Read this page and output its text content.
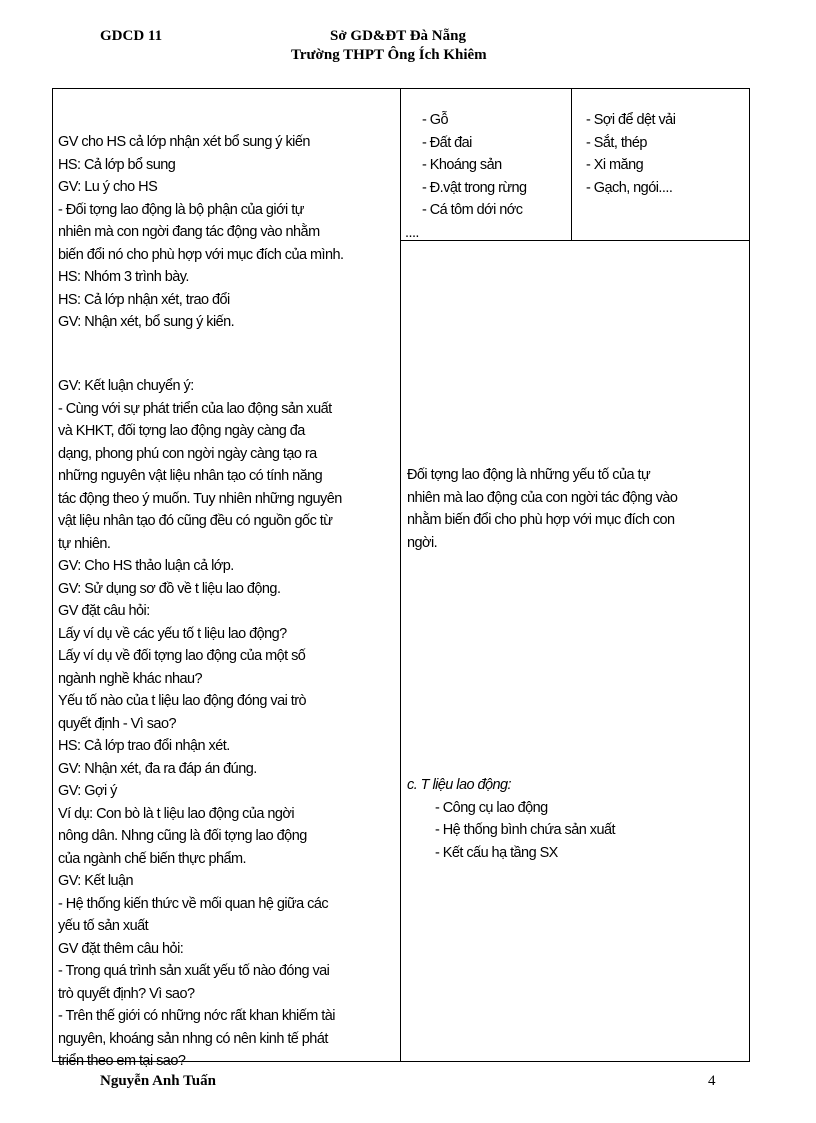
GDCD 11	Sở GD&ĐT Đà Nẵng
Trường THPT Ông Ích Khiêm
GV cho HS cả lớp nhận xét bổ sung ý kiến
HS: Cả lớp bổ sung
GV: Lu ý cho HS
- Đối tợng lao động là bộ phận của giới tự
nhiên mà con ngời đang tác động vào nhằm
biến đổi nó cho phù hợp với mục đích của mình.
HS: Nhóm 3 trình bày.
HS: Cả lớp nhận xét, trao đổi
GV: Nhận xét, bổ sung ý kiến.
GV: Kết luận chuyển ý:
- Cùng với sự phát triển của lao động sản xuất
và KHKT, đối tợng lao động ngày càng đa
dạng, phong phú con ngời ngày càng tạo ra
những nguyên vật liệu nhân tạo có tính năng
tác động theo ý muốn. Tuy nhiên những nguyên
vật liệu nhân tạo đó cũng đều có nguồn gốc từ
tự nhiên.
GV: Cho HS thảo luận cả lớp.
GV: Sử dụng sơ đồ về t liệu lao động.
GV đặt câu hỏi:
Lấy ví dụ về các yếu tố t liệu lao động?
Lấy ví dụ về đối tợng lao động của một số
ngành nghề khác nhau?
Yếu tố nào của t liệu lao động đóng vai trò
quyết định - Vì sao?
HS: Cả lớp trao đổi nhận xét.
GV: Nhận xét, đa ra đáp án đúng.
GV: Gợi ý
Ví dụ: Con bò là t liệu lao động của ngời
nông dân. Nhng cũng là đối tợng lao động
của ngành chế biến thực phẩm.
GV: Kết luận
- Hệ thống kiến thức về mối quan hệ giữa các
yếu tố sản xuất
GV đặt thêm câu hỏi:
- Trong quá trình sản xuất yếu tố nào đóng vai
trò quyết định? Vì sao?
- Trên thế giới có những nớc rất khan khiếm tài
nguyên, khoáng sản nhng có nên kinh tế phát
triển theo em tại sao?
- Gỗ
- Đất đai
- Khoáng sản
- Đ.vật trong rừng
- Cá tôm dới nớc
....
- Sợi để dệt vải
- Sắt, thép
- Xi măng
- Gạch, ngói....
Đối tợng lao động là những yếu tố của tự
nhiên mà lao động của con ngời tác động vào
nhằm biến đổi cho phù hợp với mục đích con
ngời.
c. T liệu lao động:
- Công cụ lao động
- Hệ thống bình chứa sản xuất
- Kết cấu hạ tầng SX
Nguyễn Anh Tuấn	4
